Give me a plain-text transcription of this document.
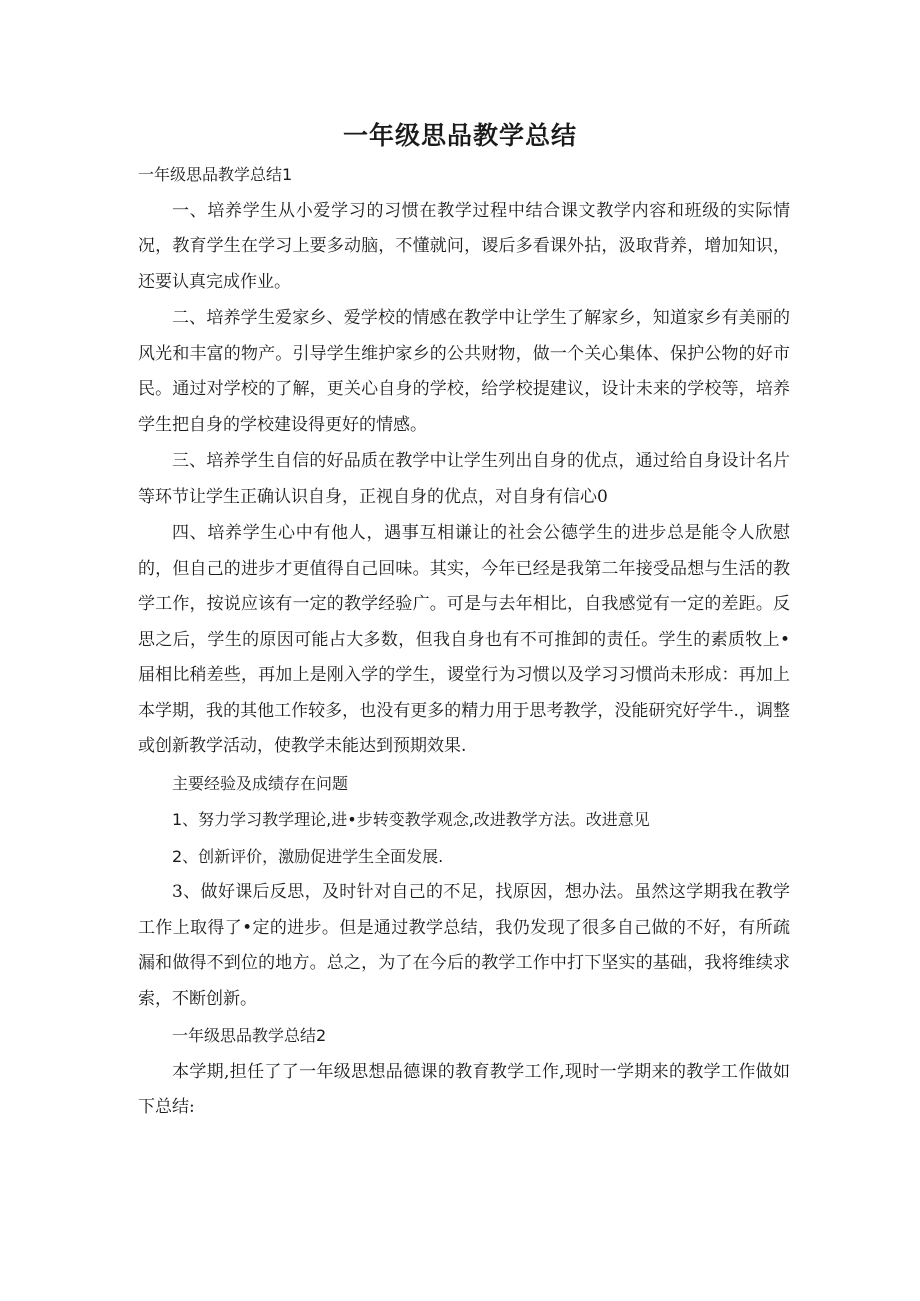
一年级思品教学总结

一年级思品教学总结1

一、培养学生从小爱学习的习惯在教学过程中结合课文教学内容和班级的实际情况，教育学生在学习上要多动脑，不懂就问，谡后多看课外拈，汲取背养，增加知识，还要认真完成作业。

二、培养学生爱家乡、爱学校的情感在教学中让学生了解家乡，知道家乡有美丽的风光和丰富的物产。引导学生维护家乡的公共财物，做一个关心集体、保护公物的好市民。通过对学校的了解，更关心自身的学校，给学校提建议，设计未来的学校等，培养学生把自身的学校建设得更好的情感。

三、培养学生自信的好品质在教学中让学生列出自身的优点，通过给自身设计名片等环节让学生正确认识自身，正视自身的优点，对自身有信心0

四、培养学生心中有他人，遇事互相谦让的社会公德学生的进步总是能令人欣慰的，但自己的进步才更值得自己回味。其实，今年已经是我第二年接受品想与生活的教学工作，按说应该有一定的教学经验广。可是与去年相比，自我感觉有一定的差距。反思之后，学生的原因可能占大多数，但我自身也有不可推卸的责任。学生的素质牧上•届相比稍差些，再加上是刚入学的学生，谡堂行为习惯以及学习习惯尚未形成：再加上本学期，我的其他工作较多，也没有更多的精力用于思考教学，没能研究好学牛.，调整或创新教学活动，使教学未能达到预期效果.

主要经验及成绩存在问题

1、努力学习教学理论,进•步转变教学观念,改进教学方法。改进意见

2、创新评价，激励促进学生全面发展.

3、做好课后反思，及时针对自己的不足，找原因，想办法。虽然这学期我在教学工作上取得了•定的进步。但是通过教学总结，我仍发现了很多自己做的不好，有所疏漏和做得不到位的地方。总之，为了在今后的教学工作中打下坚实的基础，我将维续求索，不断创新。

一年级思品教学总结2

本学期,担任了了一年级思想品德课的教育教学工作,现时一学期来的教学工作做如下总结:
